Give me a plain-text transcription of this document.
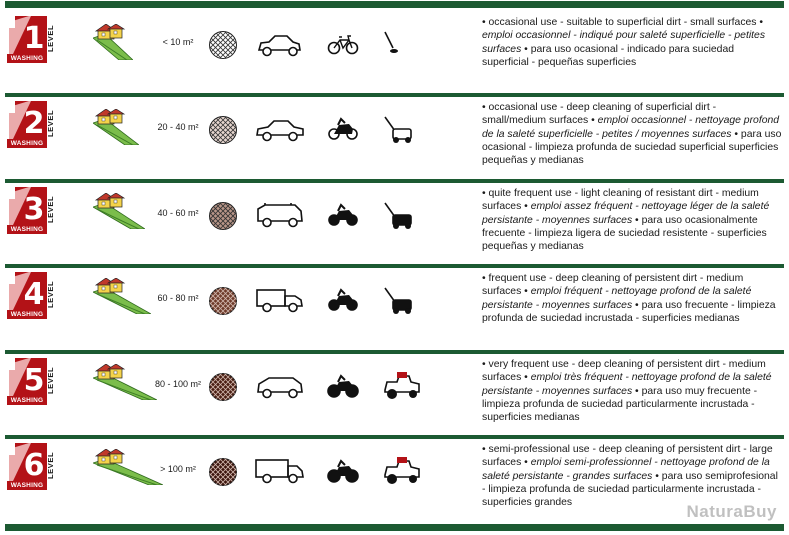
1
WASHING
LEVEL	< 10 m²
• occasional use - suitable to superficial dirt - small surfaces • emploi occasionnel - indiqué pour saleté superficielle - petites surfaces • para uso ocasional - indicado para suciedad superficial - pequeñas superficies
2
WASHING
LEVEL	20 - 40 m²
• occasional use - deep cleaning of superficial dirt - small/medium surfaces • emploi occasionnel - nettoyage profond de la saleté superficielle - petites / moyennes surfaces • para uso ocasional - limpieza profunda de suciedad superficial superficies pequeñas y medianas
3
WASHING
LEVEL	40 - 60 m²
• quite frequent use - light cleaning of resistant dirt - medium surfaces • emploi assez fréquent - nettoyage léger de la saleté persistante - moyennes surfaces • para uso ocasionalmente frecuente - limpieza ligera de suciedad resistente - superficies pequeñas y medianas
4
WASHING
LEVEL	60 - 80 m²
• frequent use - deep cleaning of persistent dirt - medium surfaces • emploi fréquent - nettoyage profond de la saleté persistante - moyennes surfaces • para uso frecuente - limpieza profunda de suciedad incrustada - superficies medianas
5
WASHING
LEVEL	80 - 100 m²
• very frequent use - deep cleaning of persistent dirt - medium surfaces • emploi très fréquent - nettoyage profond de la saleté persistante - moyennes surfaces • para uso muy frecuente - limpieza profunda de suciedad particularmente incrustada - superficies medianas
6
WASHING
LEVEL	> 100 m²
• semi-professional use - deep cleaning of persistent dirt - large surfaces • emploi semi-professionnel - nettoyage profond de la saleté persistante - grandes surfaces • para uso semiprofesional - limpieza profunda de suciedad particularmente incrustada - superficies grandes	NaturaBuy
